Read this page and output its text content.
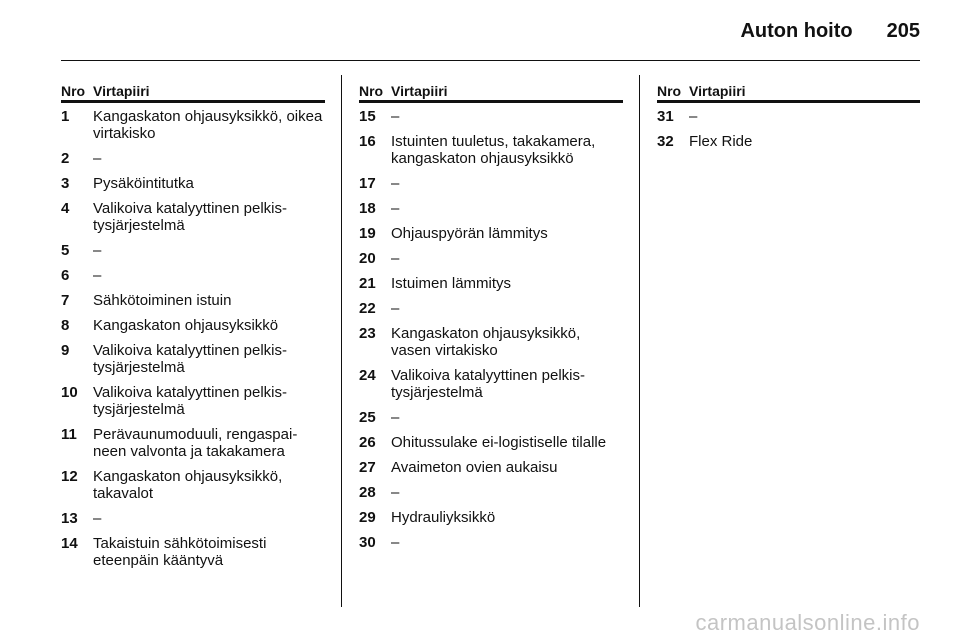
Auton hoito 205
Nro Virtapiiri
1	Kangaskaton ohjausyksikkö, oikea virtakisko
2	–
3	Pysäköintitutka
4	Valikoiva katalyyttinen pelkistysjärjestelmä
5	–
6	–
7	Sähkötoiminen istuin
8	Kangaskaton ohjausyksikkö
9	Valikoiva katalyyttinen pelkistysjärjestelmä
10	Valikoiva katalyyttinen pelkistysjärjestelmä
11	Perävaunumoduuli, rengaspaineen valvonta ja takakamera
12	Kangaskaton ohjausyksikkö, takavalot
13	–
14	Takaistuin sähkötoimisesti eteenpäin kääntyvä
Nro Virtapiiri
15	–
16	Istuinten tuuletus, takakamera, kangaskaton ohjausyksikkö
17	–
18	–
19	Ohjauspyörän lämmitys
20	–
21	Istuimen lämmitys
22	–
23	Kangaskaton ohjausyksikkö, vasen virtakisko
24	Valikoiva katalyyttinen pelkistysjärjestelmä
25	–
26	Ohitussulake ei-logistiselle tilalle
27	Avaimeton ovien aukaisu
28	–
29	Hydrauliyksikkö
30	–
Nro Virtapiiri
31	–
32	Flex Ride
carmanualsonline.info
